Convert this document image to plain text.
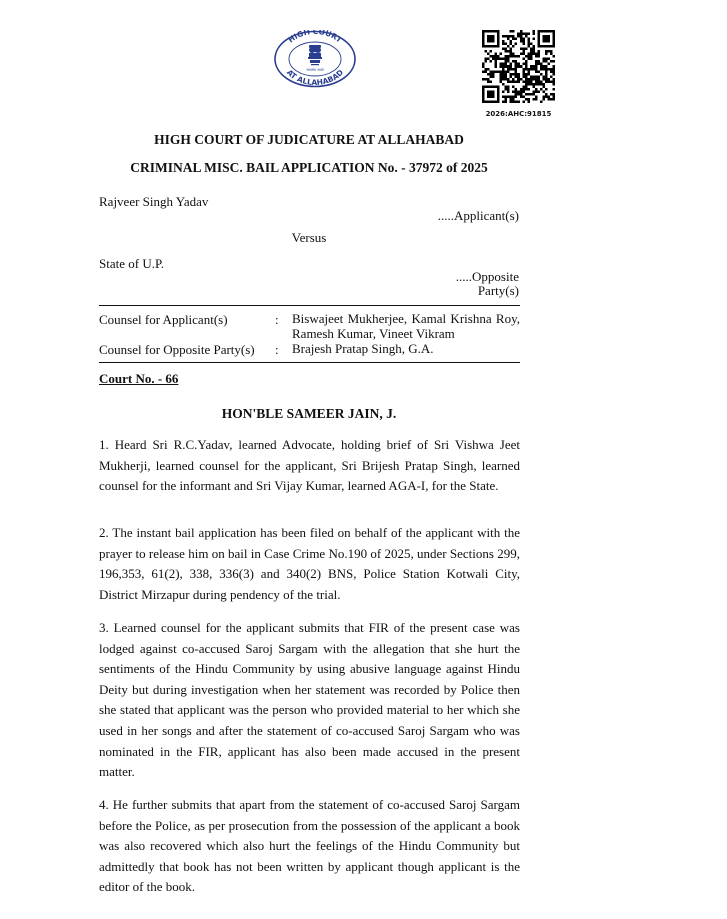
HIGH COURT
AT ALLAHABAD
सत्यमेव जयते
2026:AHC:91815
HIGH COURT OF JUDICATURE AT ALLAHABAD
CRIMINAL MISC. BAIL APPLICATION No. - 37972 of 2025
Rajveer Singh Yadav
.....Applicant(s)
Versus
State of U.P.
.....Opposite
Party(s)
Counsel for Applicant(s)	: Biswajeet Mukherjee, Kamal Krishna Roy, Ramesh Kumar, Vineet Vikram
Counsel for Opposite Party(s) : Brajesh Pratap Singh, G.A.
Court No. - 66
HON'BLE SAMEER JAIN, J.

1. Heard Sri R.C.Yadav, learned Advocate, holding brief of Sri Vishwa Jeet Mukherji, learned counsel for the applicant, Sri Brijesh Pratap Singh, learned counsel for the informant and Sri Vijay Kumar, learned AGA-I, for the State.

2. The instant bail application has been filed on behalf of the applicant with the prayer to release him on bail in Case Crime No.190 of 2025, under Sections 299, 196,353, 61(2), 338, 336(3) and 340(2) BNS, Police Station Kotwali City, District Mirzapur during pendency of the trial.

3. Learned counsel for the applicant submits that FIR of the present case was lodged against co-accused Saroj Sargam with the allegation that she hurt the sentiments of the Hindu Community by using abusive language against Hindu Deity but during investigation when her statement was recorded by Police then she stated that applicant was the person who provided material to her which she used in her songs and after the statement of co-accused Saroj Sargam who was nominated in the FIR, applicant has also been made accused in the present matter.

4. He further submits that apart from the statement of co-accused Saroj Sargam before the Police, as per prosecution from the possession of the applicant a book was also recovered which also hurt the feelings of the Hindu Community but admittedly that book has not been written by applicant though applicant is the editor of the book.
